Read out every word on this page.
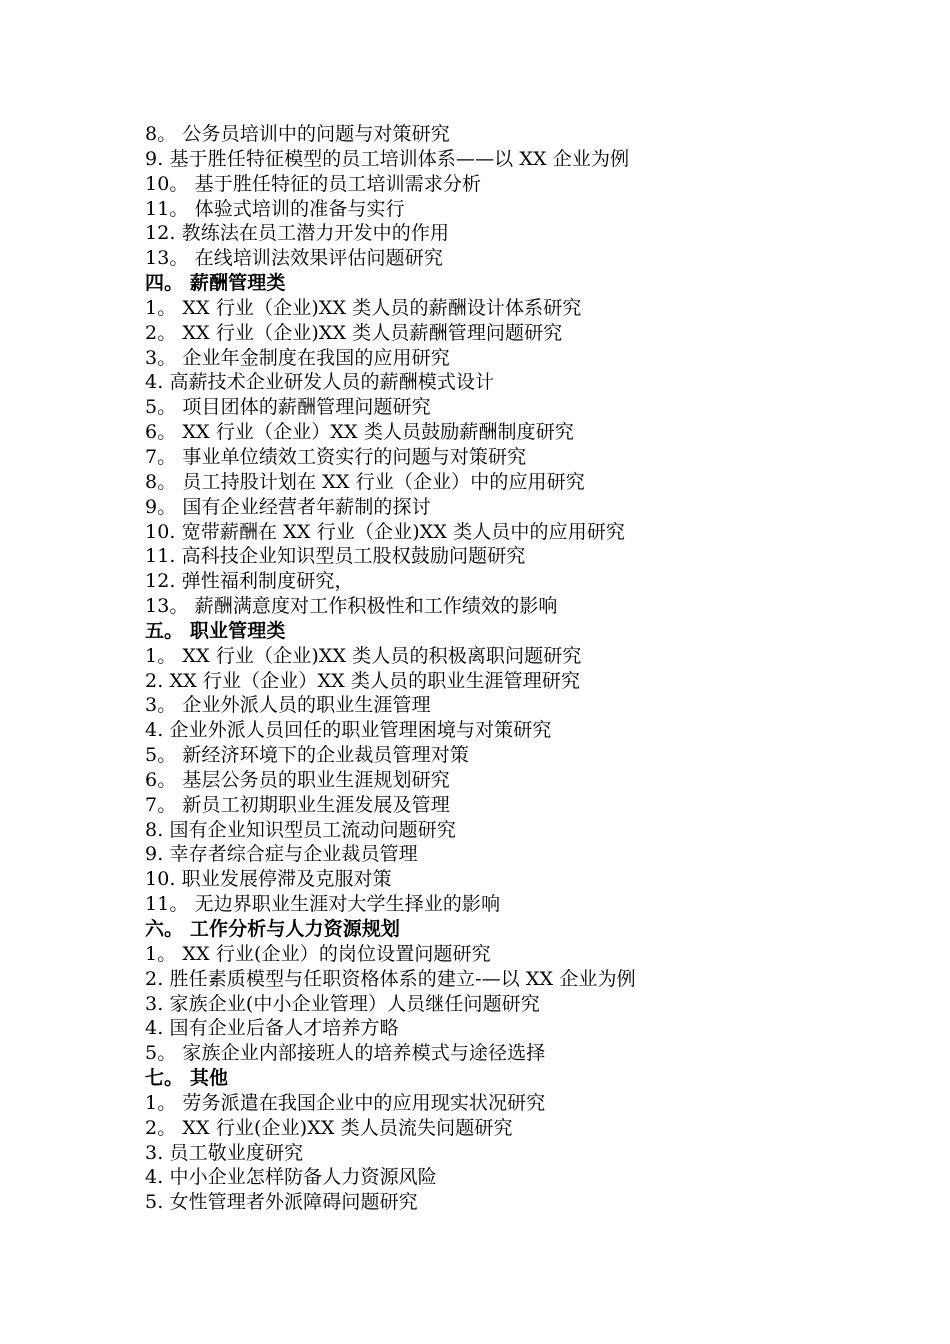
8。 公务员培训中的问题与对策研究
9. 基于胜任特征模型的员工培训体系——以 XX 企业为例
10。 基于胜任特征的员工培训需求分析
11。 体验式培训的准备与实行
12. 教练法在员工潜力开发中的作用
13。 在线培训法效果评估问题研究
四。 薪酬管理类
1。 XX 行业（企业)XX 类人员的薪酬设计体系研究
2。 XX 行业（企业)XX 类人员薪酬管理问题研究
3。 企业年金制度在我国的应用研究
4. 高薪技术企业研发人员的薪酬模式设计
5。 项目团体的薪酬管理问题研究
6。 XX 行业（企业）XX 类人员鼓励薪酬制度研究
7。 事业单位绩效工资实行的问题与对策研究
8。 员工持股计划在 XX 行业（企业）中的应用研究
9。 国有企业经营者年薪制的探讨
10. 宽带薪酬在 XX 行业（企业)XX 类人员中的应用研究
11. 高科技企业知识型员工股权鼓励问题研究
12. 弹性福利制度研究，
13。 薪酬满意度对工作积极性和工作绩效的影响
五。 职业管理类
1。 XX 行业（企业)XX 类人员的积极离职问题研究
2. XX 行业（企业）XX 类人员的职业生涯管理研究
3。 企业外派人员的职业生涯管理
4. 企业外派人员回任的职业管理困境与对策研究
5。 新经济环境下的企业裁员管理对策
6。 基层公务员的职业生涯规划研究
7。 新员工初期职业生涯发展及管理
8. 国有企业知识型员工流动问题研究
9. 幸存者综合症与企业裁员管理
10. 职业发展停滞及克服对策
11。 无边界职业生涯对大学生择业的影响
六。 工作分析与人力资源规划
1。 XX 行业(企业）的岗位设置问题研究
2. 胜任素质模型与任职资格体系的建立-—以 XX 企业为例
3. 家族企业(中小企业管理）人员继任问题研究
4. 国有企业后备人才培养方略
5。 家族企业内部接班人的培养模式与途径选择
七。 其他
1。 劳务派遣在我国企业中的应用现实状况研究
2。 XX 行业(企业)XX 类人员流失问题研究
3. 员工敬业度研究
4. 中小企业怎样防备人力资源风险
5. 女性管理者外派障碍问题研究
